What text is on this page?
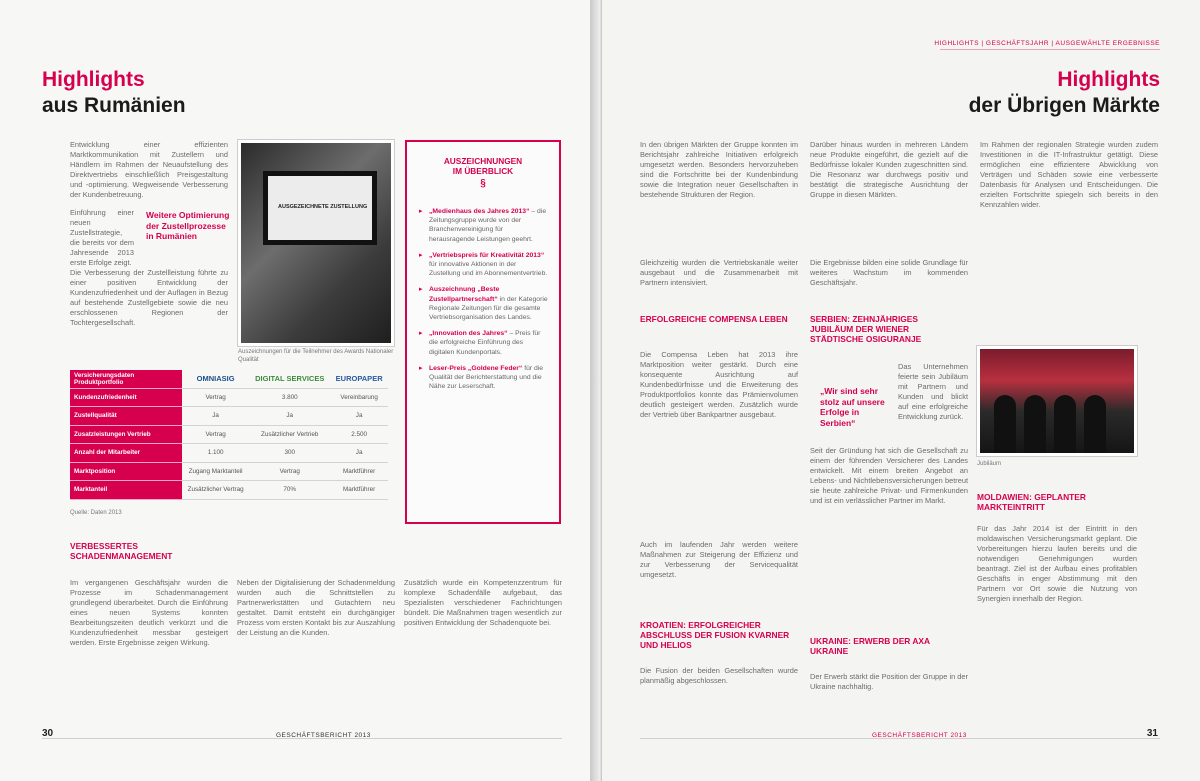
Highlights
aus Rumänien
Entwicklung einer effizienten Marktkommunikation mit Zustellern und Händlern im Rahmen der Neuaufstellung des Direktvertriebs einschließlich Preisgestaltung und -optimierung. Wegweisende Verbesserung der Kundenbetreuung.
Einführung einer neuen Zustellstrategie, die bereits vor dem Jahresende 2013 erste Erfolge zeigt.
Weitere Optimierung der Zustellprozesse in Rumänien
Die Verbesserung der Zustellleistung führte zu einer positiven Entwicklung der Kundenzufriedenheit und der Auflagen in Bezug auf bestehende Zustellgebiete sowie die neu erschlossenen Regionen der Tochtergesellschaft.
AUSGEZEICHNETE ZUSTELLUNG
Auszeichnungen für die Teilnehmer des Awards Nationaler Qualität
Versicherungsdaten Produktportfolio	OMNIASIG	DIGITAL SERVICES	EUROPAPER
Kundenzufriedenheit	Vertrag	3.800	Vereinbarung
Zustellqualität	Ja	Ja	Ja
Zusatzleistungen Vertrieb	Vertrag	Zusätzlicher Vertrieb	2.500
Anzahl der Mitarbeiter	1.100	300	Ja
Marktposition	Zugang Marktanteil	Vertrag	Marktführer
Marktanteil	Zusätzlicher Vertrag	70%	Marktführer
Quelle: Daten 2013
AUSZEICHNUNGEN
IM ÜBERBLICK
§
▸ „Medienhaus des Jahres 2013“ – die Zeitungsgruppe wurde von der Branchenvereinigung für herausragende Leistungen geehrt.
▸ „Vertriebspreis für Kreativität 2013“ für innovative Aktionen in der Zustellung und im Abonnementvertrieb.
▸ Auszeichnung „Beste Zustellpartnerschaft“ in der Kategorie Regionale Zeitungen für die gesamte Vertriebsorganisation des Landes.
▸ „Innovation des Jahres“ – Preis für die erfolgreiche Einführung des digitalen Kundenportals.
▸ Leser-Preis „Goldene Feder“ für die Qualität der Berichterstattung und die Nähe zur Leserschaft.
VERBESSERTES
SCHADENMANAGEMENT
Im vergangenen Geschäftsjahr wurden die Prozesse im Schadenmanagement grundlegend überarbeitet. Durch die Einführung eines neuen Systems konnten Bearbeitungszeiten deutlich verkürzt und die Kundenzufriedenheit messbar gesteigert werden. Erste Ergebnisse zeigen Wirkung.
Neben der Digitalisierung der Schadenmeldung wurden auch die Schnittstellen zu Partnerwerkstätten und Gutachtern neu gestaltet. Damit entsteht ein durchgängiger Prozess vom ersten Kontakt bis zur Auszahlung der Leistung an die Kunden.
Zusätzlich wurde ein Kompetenzzentrum für komplexe Schadenfälle aufgebaut, das Spezialisten verschiedener Fachrichtungen bündelt. Die Maßnahmen tragen wesentlich zur positiven Entwicklung der Schadenquote bei.
30	GESCHÄFTSBERICHT 2013
HIGHLIGHTS | GESCHÄFTSJAHR | AUSGEWÄHLTE ERGEBNISSE
Highlights
der Übrigen Märkte
In den übrigen Märkten der Gruppe konnten im Berichtsjahr zahlreiche Initiativen erfolgreich umgesetzt werden. Besonders hervorzuheben sind die Fortschritte bei der Kundenbindung sowie die Integration neuer Gesellschaften in bestehende Strukturen der Region.
Gleichzeitig wurden die Vertriebskanäle weiter ausgebaut und die Zusammenarbeit mit Partnern intensiviert.
Darüber hinaus wurden in mehreren Ländern neue Produkte eingeführt, die gezielt auf die Bedürfnisse lokaler Kunden zugeschnitten sind. Die Resonanz war durchwegs positiv und bestätigt die strategische Ausrichtung der Gruppe in diesen Märkten.
Die Ergebnisse bilden eine solide Grundlage für weiteres Wachstum im kommenden Geschäftsjahr.
Im Rahmen der regionalen Strategie wurden zudem Investitionen in die IT-Infrastruktur getätigt. Diese ermöglichen eine effizientere Abwicklung von Verträgen und Schäden sowie eine verbesserte Datenbasis für Analysen und Entscheidungen. Die erzielten Fortschritte spiegeln sich bereits in den Kennzahlen wider.
ERFOLGREICHE COMPENSA LEBEN
Die Compensa Leben hat 2013 ihre Marktposition weiter gestärkt. Durch eine konsequente Ausrichtung auf Kundenbedürfnisse und die Erweiterung des Produktportfolios konnte das Prämienvolumen deutlich gesteigert werden. Zusätzlich wurde der Vertrieb über Bankpartner ausgebaut.
Auch im laufenden Jahr werden weitere Maßnahmen zur Steigerung der Effizienz und zur Verbesserung der Servicequalität umgesetzt.
KROATIEN: ERFOLGREICHER ABSCHLUSS DER FUSION KVARNER UND HELIOS
Die Fusion der beiden Gesellschaften wurde planmäßig abgeschlossen.
SERBIEN: ZEHNJÄHRIGES JUBILÄUM DER WIENER STÄDTISCHE OSIGURANJE
„Wir sind sehr stolz auf unsere Erfolge in Serbien“
Das Unternehmen feierte sein Jubiläum mit Partnern und Kunden und blickt auf eine erfolgreiche Entwicklung zurück.
Seit der Gründung hat sich die Gesellschaft zu einem der führenden Versicherer des Landes entwickelt. Mit einem breiten Angebot an Lebens- und Nichtlebensversicherungen betreut sie heute zahlreiche Privat- und Firmenkunden und ist ein verlässlicher Partner im Markt.
UKRAINE: ERWERB DER AXA UKRAINE
Der Erwerb stärkt die Position der Gruppe in der Ukraine nachhaltig.
Jubiläum
MOLDAWIEN: GEPLANTER
MARKTEINTRITT
Für das Jahr 2014 ist der Eintritt in den moldawischen Versicherungsmarkt geplant. Die Vorbereitungen hierzu laufen bereits und die notwendigen Genehmigungen wurden beantragt. Ziel ist der Aufbau eines profitablen Geschäfts in enger Abstimmung mit den Partnern vor Ort sowie die Nutzung von Synergien innerhalb der Region.
GESCHÄFTSBERICHT 2013	31
